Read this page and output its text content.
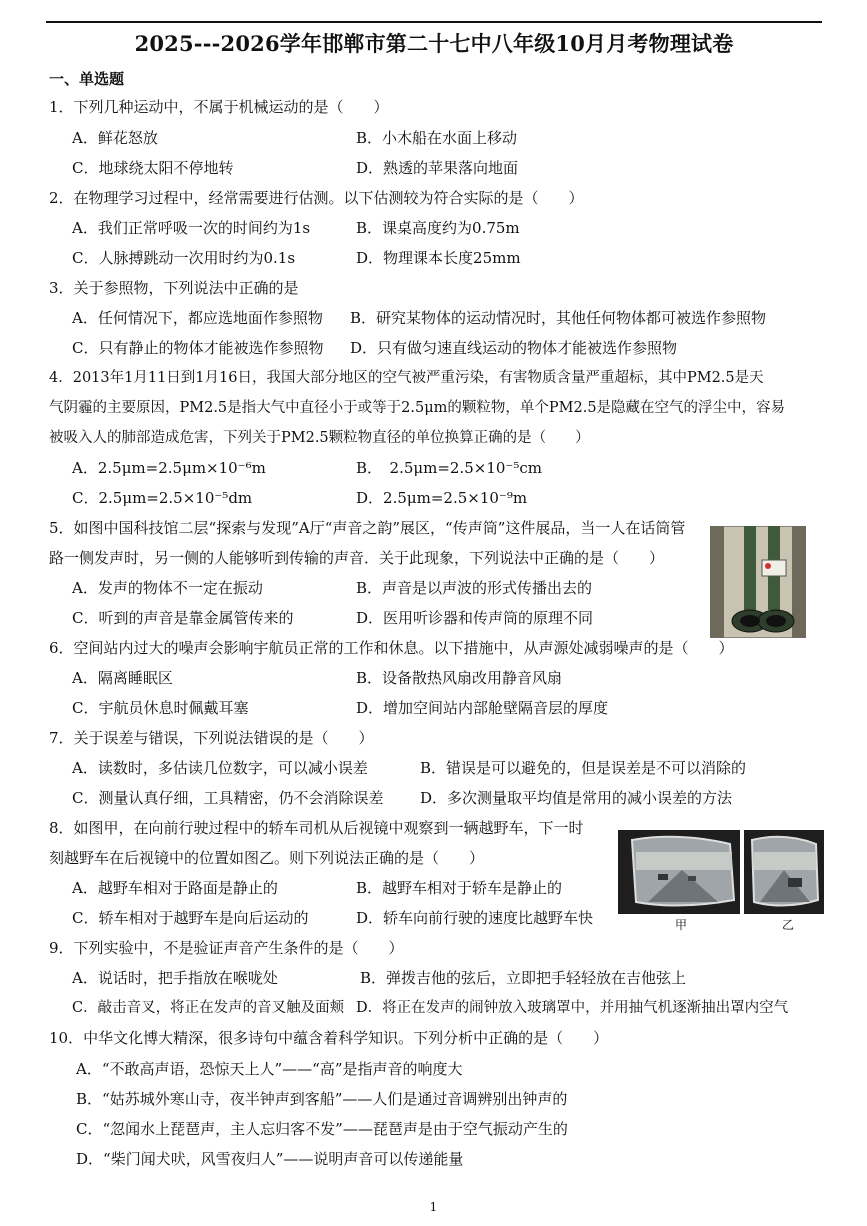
2025---2026学年邯郸市第二十七中八年级10月月考物理试卷
一、单选题
1．下列几种运动中，不属于机械运动的是（　　）
A．鲜花怒放	B．小木船在水面上移动
C．地球绕太阳不停地转	D．熟透的苹果落向地面
2．在物理学习过程中，经常需要进行估测。以下估测较为符合实际的是（　　）
A．我们正常呼吸一次的时间约为1s	B．课桌高度约为0.75m
C．人脉搏跳动一次用时约为0.1s	D．物理课本长度25mm
3．关于参照物，下列说法中正确的是
A．任何情况下，都应选地面作参照物 B．研究某物体的运动情况时，其他任何物体都可被选作参照物
C．只有静止的物体才能被选作参照物 D．只有做匀速直线运动的物体才能被选作参照物
4．2013年1月11日到1月16日，我国大部分地区的空气被严重污染，有害物质含量严重超标，其中PM2.5是天
气阴霾的主要原因，PM2.5是指大气中直径小于或等于2.5μm的颗粒物，单个PM2.5是隐藏在空气的浮尘中，容易
被吸入人的肺部造成危害，下列关于PM2.5颗粒物直径的单位换算正确的是（　　）
A．2.5μm=2.5μm×10⁻⁶m	B．　2.5μm=2.5×10⁻⁵cm
C．2.5μm=2.5×10⁻⁵dm	D．2.5μm=2.5×10⁻⁹m
5．如图中国科技馆二层“探索与发现”A厅“声音之韵”展区，“传声筒”这件展品，当一人在话筒管
路一侧发声时，另一侧的人能够听到传输的声音．关于此现象，下列说法中正确的是（　　）
A．发声的物体不一定在振动	B．声音是以声波的形式传播出去的
C．听到的声音是靠金属管传来的	D．医用听诊器和传声筒的原理不同
6．空间站内过大的噪声会影响宇航员正常的工作和休息。以下措施中，从声源处减弱噪声的是（　　）
A．隔离睡眠区	B．设备散热风扇改用静音风扇
C．宇航员休息时佩戴耳塞	D．增加空间站内部舱壁隔音层的厚度
7．关于误差与错误，下列说法错误的是（　　）
A．读数时，多估读几位数字，可以减小误差	B．错误是可以避免的，但是误差是不可以消除的
C．测量认真仔细，工具精密，仍不会消除误差 D．多次测量取平均值是常用的减小误差的方法
8．如图甲，在向前行驶过程中的轿车司机从后视镜中观察到一辆越野车，下一时
刻越野车在后视镜中的位置如图乙。则下列说法正确的是（　　）
A．越野车相对于路面是静止的	B．越野车相对于轿车是静止的
C．轿车相对于越野车是向后运动的	D．轿车向前行驶的速度比越野车快	甲	乙
9．下列实验中，不是验证声音产生条件的是（　　）
A．说话时，把手指放在喉咙处	B．弹拨吉他的弦后，立即把手轻轻放在吉他弦上
C．敲击音叉，将正在发声的音叉触及面颊 D．将正在发声的闹钟放入玻璃罩中，并用抽气机逐渐抽出罩内空气
10．中华文化博大精深，很多诗句中蕴含着科学知识。下列分析中正确的是（　　）
A．“不敢高声语，恐惊天上人”——“高”是指声音的响度大
B．“姑苏城外寒山寺，夜半钟声到客船”——人们是通过音调辨别出钟声的
C．“忽闻水上琵琶声，主人忘归客不发”——琵琶声是由于空气振动产生的
D．“柴门闻犬吠，风雪夜归人”——说明声音可以传递能量
1
